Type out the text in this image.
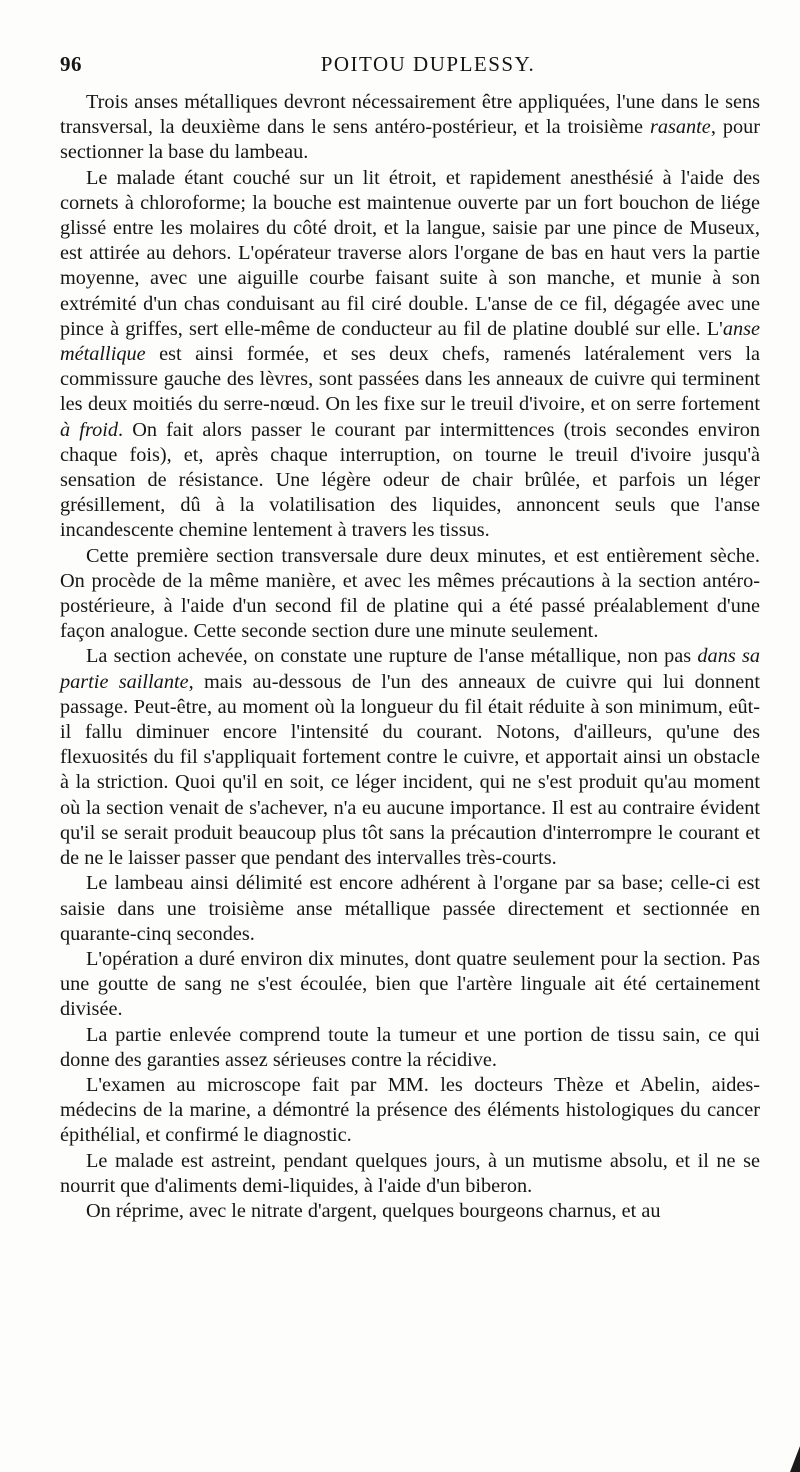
96	POITOU DUPLESSY.

Trois anses métalliques devront nécessairement être appliquées, l'une dans le sens transversal, la deuxième dans le sens antéro-postérieur, et la troisième rasante, pour sectionner la base du lambeau.

Le malade étant couché sur un lit étroit, et rapidement anesthésié à l'aide des cornets à chloroforme; la bouche est maintenue ouverte par un fort bouchon de liége glissé entre les molaires du côté droit, et la langue, saisie par une pince de Museux, est attirée au dehors. L'opérateur traverse alors l'organe de bas en haut vers la partie moyenne, avec une aiguille courbe faisant suite à son manche, et munie à son extrémité d'un chas conduisant au fil ciré double. L'anse de ce fil, dégagée avec une pince à griffes, sert elle-même de conducteur au fil de platine doublé sur elle. L'anse métallique est ainsi formée, et ses deux chefs, ramenés latéralement vers la commissure gauche des lèvres, sont passées dans les anneaux de cuivre qui terminent les deux moitiés du serre-nœud. On les fixe sur le treuil d'ivoire, et on serre fortement à froid. On fait alors passer le courant par intermittences (trois secondes environ chaque fois), et, après chaque interruption, on tourne le treuil d'ivoire jusqu'à sensation de résistance. Une légère odeur de chair brûlée, et parfois un léger grésillement, dû à la volatilisation des liquides, annoncent seuls que l'anse incandescente chemine lentement à travers les tissus.

Cette première section transversale dure deux minutes, et est entièrement sèche. On procède de la même manière, et avec les mêmes précautions à la section antéro-postérieure, à l'aide d'un second fil de platine qui a été passé préalablement d'une façon analogue. Cette seconde section dure une minute seulement.

La section achevée, on constate une rupture de l'anse métallique, non pas dans sa partie saillante, mais au-dessous de l'un des anneaux de cuivre qui lui donnent passage. Peut-être, au moment où la longueur du fil était réduite à son minimum, eût-il fallu diminuer encore l'intensité du courant. Notons, d'ailleurs, qu'une des flexuosités du fil s'appliquait fortement contre le cuivre, et apportait ainsi un obstacle à la striction. Quoi qu'il en soit, ce léger incident, qui ne s'est produit qu'au moment où la section venait de s'achever, n'a eu aucune importance. Il est au contraire évident qu'il se serait produit beaucoup plus tôt sans la précaution d'interrompre le courant et de ne le laisser passer que pendant des intervalles très-courts.

Le lambeau ainsi délimité est encore adhérent à l'organe par sa base; celle-ci est saisie dans une troisième anse métallique passée directement et sectionnée en quarante-cinq secondes.

L'opération a duré environ dix minutes, dont quatre seulement pour la section. Pas une goutte de sang ne s'est écoulée, bien que l'artère linguale ait été certainement divisée.

La partie enlevée comprend toute la tumeur et une portion de tissu sain, ce qui donne des garanties assez sérieuses contre la récidive.

L'examen au microscope fait par MM. les docteurs Thèze et Abelin, aides-médecins de la marine, a démontré la présence des éléments histologiques du cancer épithélial, et confirmé le diagnostic.

Le malade est astreint, pendant quelques jours, à un mutisme absolu, et il ne se nourrit que d'aliments demi-liquides, à l'aide d'un biberon.

On réprime, avec le nitrate d'argent, quelques bourgeons charnus, et au
